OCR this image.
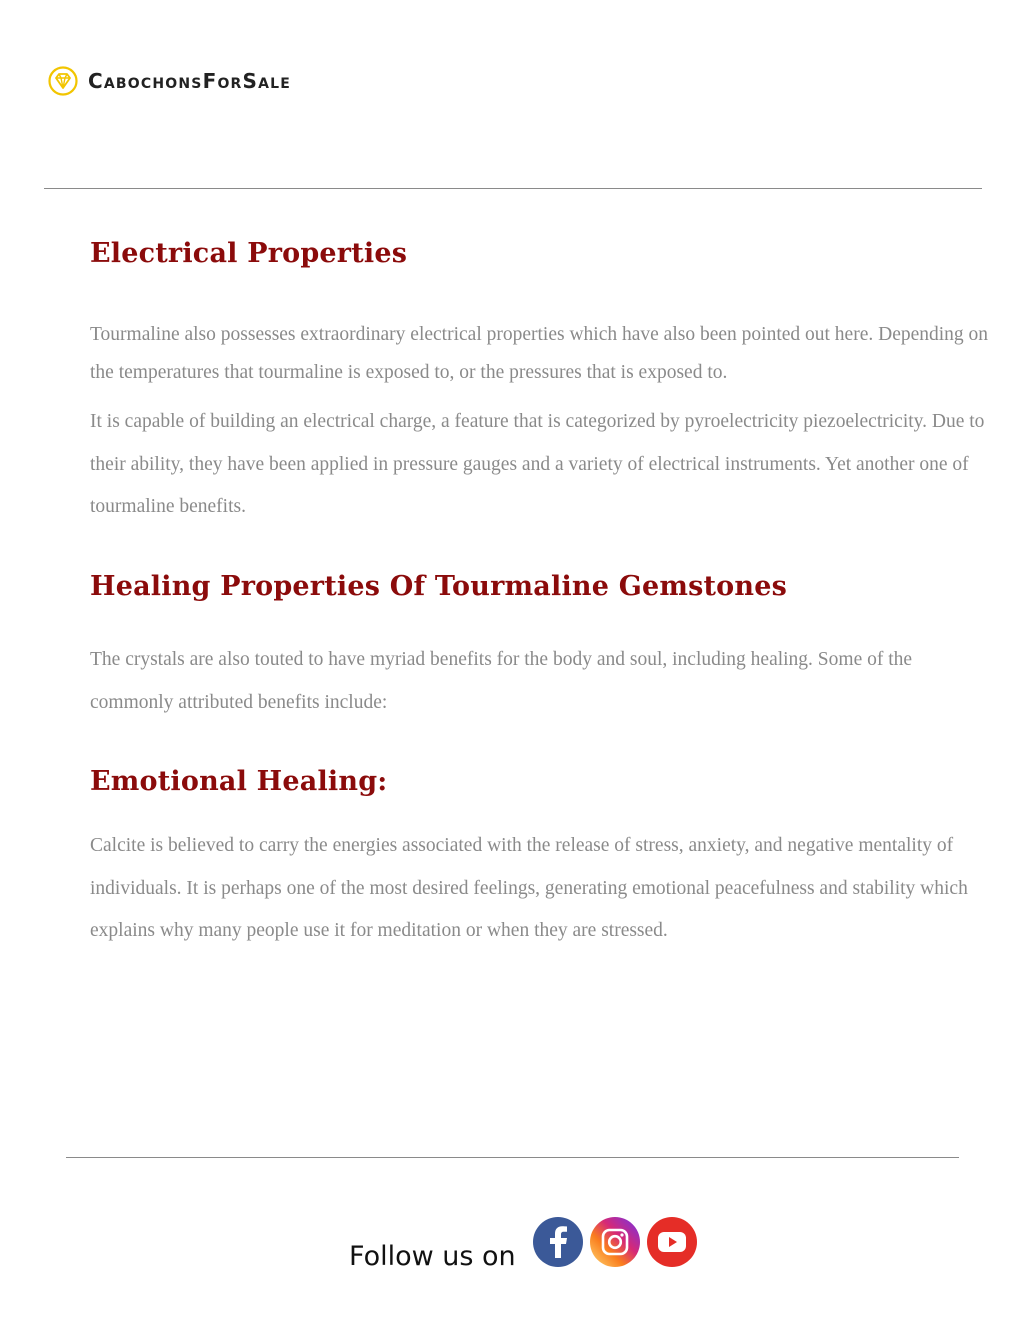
CabochonsForSale
Electrical Properties

Tourmaline also possesses extraordinary electrical properties which have also been pointed out here. Depending on the temperatures that tourmaline is exposed to, or the pressures that is exposed to.

It is capable of building an electrical charge, a feature that is categorized by pyroelectricity piezoelectricity. Due to their ability, they have been applied in pressure gauges and a variety of electrical instruments. Yet another one of tourmaline benefits.

Healing Properties Of Tourmaline Gemstones

The crystals are also touted to have myriad benefits for the body and soul, including healing. Some of the commonly attributed benefits include:

Emotional Healing:

Calcite is believed to carry the energies associated with the release of stress, anxiety, and negative mentality of individuals. It is perhaps one of the most desired feelings, generating emotional peacefulness and stability which explains why many people use it for meditation or when they are stressed.

Follow us on
